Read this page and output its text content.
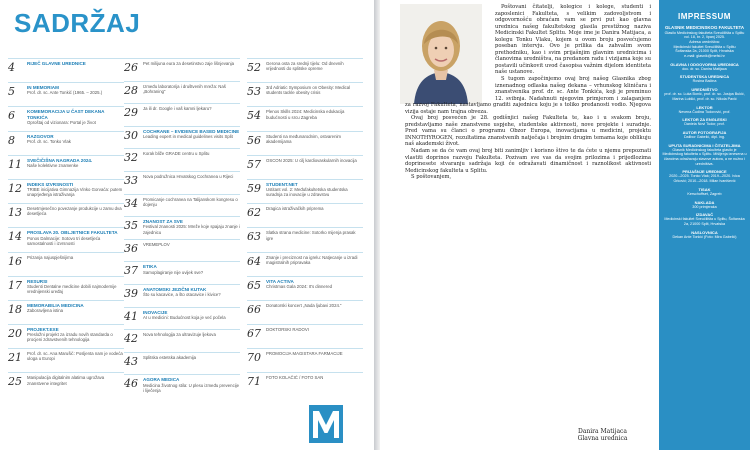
SADRŽAJ
4	RIJEČ GLAVNE UREDNICE
5	IN MEMORIAM
Prof. dr. sc. Ante Tonkić (1965. – 2025.)
6	KOMEMORACIJA U ČAST DEKANA TONKIĆA
Oproštaj od vizionara: Portal je život
8	RAZGOVOR
Prof. dr. sc. Tonko Vlak
11	SVEČIČIŠNA NAGRADA 2024.
Naše kolektivne znamenke
12	INDEKS IZVRSNOSTI
TRIBE inicijativa Gimnazija Vinko Gorvaća: putem unaprjeđenja istraživanja
13	Desetmjesečno povezanje produkcije u zamu dva desetljeća
14	PROSLAVA 20. OBLJETNICE FAKULTETA
Ponos Dalmacije: Sotovo tri desetljeća samostalnosti i izvrsnosti
16	Prizanja najuspješnijima
17	RESURSI
Studenti Dentalne medicine dobili najmodernije vrednijenski uređaj
18	MEMORABILIA MEDICINA
Zaboravljena istina
20	PROJEKT.EXE
Presložni projekt za izradu novih standarda o procjeni zdravstvenih tehnologija
21	Prof. dr. sc. Ana Marušić: Posljenta nam je vodeća uloga u Europi
25	Manipulacija digitalnim alatima ugrožava znanstvene integritet
26	Pet milijuna eura za desetinstvo zaje lišnjevanja
28	Između laboratorija i društvenih mreža: Naš „Bohraning“
29	Ja ili dr. Google i vaš kamni ljekaru?
30	COCHRANE – EVIDENCE BASED MEDICINE
Leading expert in medical guidelines visits Split
32	Korak bliže GRADE centru u Splitu
33	Nova podružnica Hrvatskog Cochranea u Rijeci
34	Promicanje cochranea na Talijanskom kongresu o dojenju
35	ZNANOST ZA SVE
Festival znanosti 2025: Mreže koje spajaju znanje i zajednicu
36	VREMEPLOV
37	ETIKA
Samoplagiranje nije uvijek sve?
39	ANATOMSKI JEZIČNI KUTAK
Što su kacavice, a što otacavice i kivice?
41	INOVACIJE
AI u medicini: Budućnost koja je već počela
42	Nova tehnologija za ultravizuje ljekova
43	Splitska estetska akademija
46	AGORA MEDICA
Medicina životnog stila: U plesu između prevencije i liječenja
52	Gerona osta za srednji tijelu: Od dnevnih vrijednosti do splitske opreme
53	3rd Adriatic Symposium on Obesity: Medical students tackle obesity crisis
54	Plenos Skills 2024: Medicinska edukacija budućnosti u srcu Zagreba
56	Studenti na međunarodnim, ostvarenim akademijama
57	OSCON 2025: U cilj kardiovaskularnih inovacija
59	STUDENT.NET
Ustitant vol. 2: Međufakultetska studentska suradnja za inovacije u zdravstvu
62	Dragica istraživačkih priprema
63	Slatka strana medicine: Sotorko mijenja prasak igre
64	Znanje i preciznost na igrelu: Natjecanje u izradi magistralnih pripravaka
65	VITA ACTIVA
Christmas Gala 2024: It's dinnered
66	Donatorski koncert „Nada ljubavi 2024.“
67	DOKTORSKI RADOVI
70	PROMOCIJA MAGISTARA FARMACIJE
71	FOTO KOLAČIĆ / FOTO SAN

Poštovani čitatelji, kolegice i kolege, studenti i zaposlenici Fakulteta, s velikim zadovoljstvom i odgovornošću obraćam vam se prvi put kao glavna urednica našeg fakultetskog glasila prestižnog naziva Medicinski Fakultet Splitu. Moje ime je Danira Matijaca, a kolegu Tonku Vlaku, kojem u ovom broju posvećujemo poseban intervju. Ovo je prilika da zahvalim svom prethodniku, kao i svim prijašnjim glavnim urednicima i članovima uredništva, na predanom radu i vizijama koje su postavili učinkovit uvod časopisa važnim dijelom identiteta naše ustanove.

S tugom započinjemo ovaj broj našeg Glasnika zbog iznenadnog odlaska našeg dekana – vrhunskog kliničara i znanstvenika prof. dr. sc. Ante Tonkića, koji je preminuo 12. svibnja. Nadahnuti njegovim primjerom i zalaganjem za razvoj Fakulteta, nastavljamo graditi zajednicu koju je s toliko predanosti vodio. Njegova vizija ostaje nam trajna obveza.

Ovaj broj posvećen je 28. godišnjici našeg Fakulteta te, kao i u svakom broju, predstavljamo naše znanstvene uspjehe, studentske aktivnosti, nove projekte i suradnje. Pred vama su članci o programu Obzor Europa, inovacijama u medicini, projektu INNOTHYROGEN, rezultatima znanstvenih natječaja i brojnim drugim temama koje oblikuju naš akademski život.

Nadam se da će vam ovaj broj biti zanimljiv i korisno štivo te da ćete u njemu prepoznati vlastiti doprinos razvoju Fakulteta. Pozivam sve vas da svojim prilozima i prijedlozima doprinesete stvaranju sadržaja koji će odražavati dinamičnost i raznolikost aktivnosti Medicinskog fakulteta u Splitu.

S poštovanjem,

Danira Matijaca
Glavna urednica
IMPRESSUM
GLASNIK MEDICINSKOG FAKULTETA
Glasilo Medicinskog fakulteta Sveučilišta u Splitu
vol. 18, br. 2, lipanj 2025.
Adresa uredništva:
Medicinski fakultet Sveučilišta u Splitu
Šoltanska 2a, 21000 Split, Hrvatska
e-mail: glasnik@mefst.hr
GLAVNA I ODGOVORNA UREDNICA
doc. dr. sc. Danira Matijaca
STUDENTSKA UREDNICA
Rosina Bačina
UREDNIŠTVO
prof. dr. sc. Luka Bonić, prof. dr. sc. Josipa Bukić, Marina Lukšić, prof. dr. sc. Nikola Pavić
LEKTOR
Nevena Čudina Tudorović, prof.
LEKTOR ZA ENGLESKI
Daniela Novi Tudor, prof.
AUTOR FOTOGRAFIJA
Dalibor Gabelić, dipl. ing.
UPUTA SURADNICIMA I ČITATELJIMA
Glasnik Medicinskog fakulteta glasilo je Medicinskog fakulteta u Splitu. Mišljenja iznesena u člancima odražavaju stavove autora, a ne nužno i uredništva.
PRIJAŠNJE UREDNICE
2020.–2025. Tonko Vlak; 2019.–2020. Ivica Grković; 2010.–2018. Milan Ivanišević
TISAK
Kerschoffset, Zagreb
NAKLADA
300 primjeraka
IZDAVAČ
Medicinski fakultet Sveučilišta u Splitu, Šoltanska 2a, 21000 Split, Hrvatska
NASLOVNICA
Dekan Ante Tonkić (Foto: Mira Gabelić)
